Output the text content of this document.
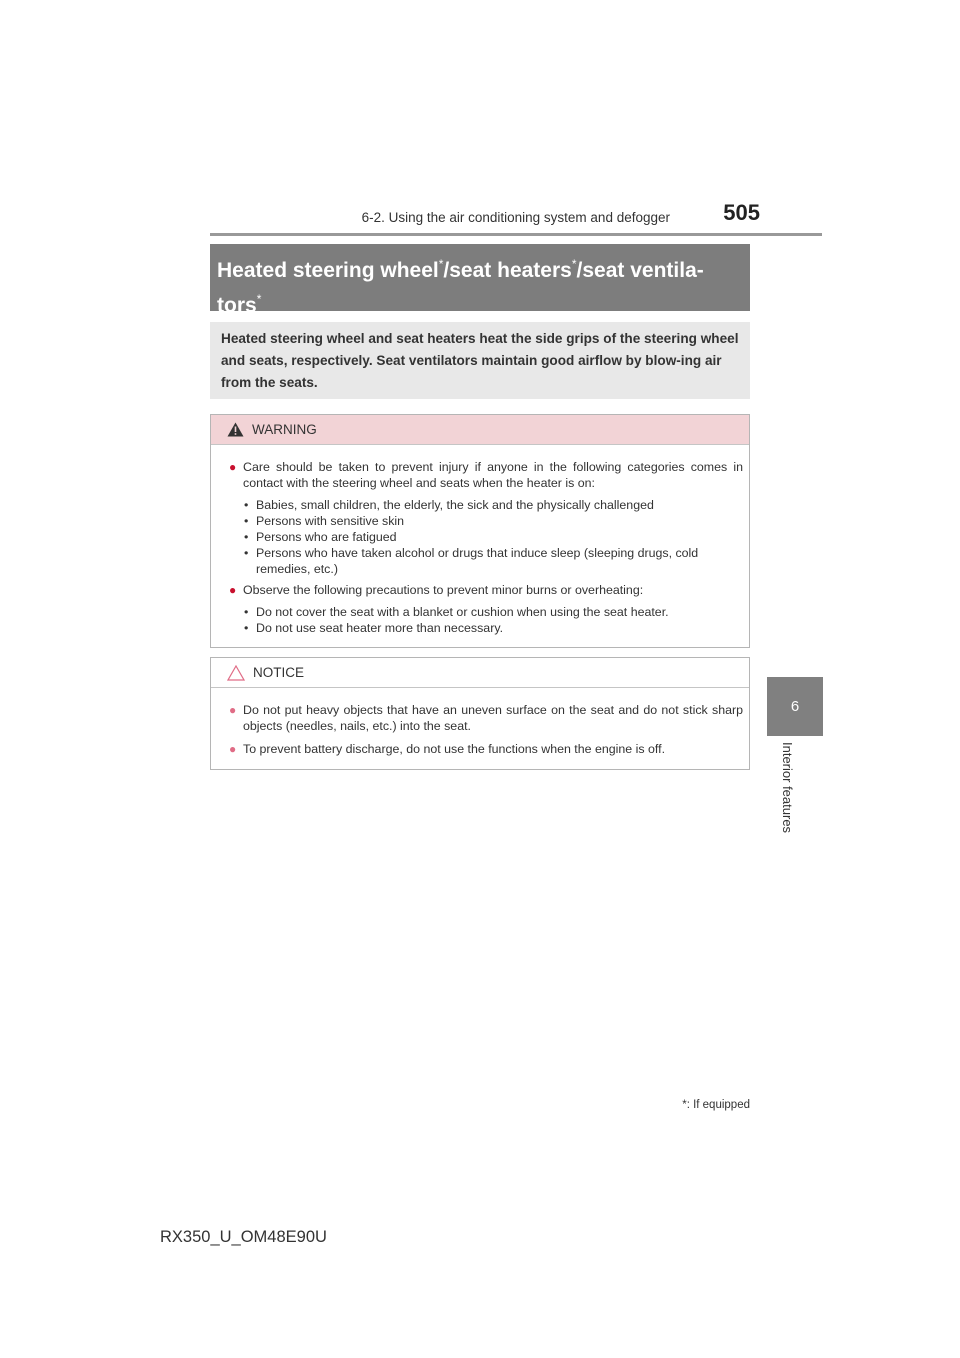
6-2. Using the air conditioning system and defogger	505
6
Interior features
Heated steering wheel*/seat heaters*/seat ventila-
tors*
Heated steering wheel and seat heaters heat the side grips of the steering wheel and seats, respectively. Seat ventilators maintain good airflow by blow-ing air from the seats.
WARNING
● Care should be taken to prevent injury if anyone in the following categories comes in contact with the steering wheel and seats when the heater is on:
• Babies, small children, the elderly, the sick and the physically challenged
• Persons with sensitive skin
• Persons who are fatigued
• Persons who have taken alcohol or drugs that induce sleep (sleeping drugs, cold remedies, etc.)
● Observe the following precautions to prevent minor burns or overheating:
• Do not cover the seat with a blanket or cushion when using the seat heater.
• Do not use seat heater more than necessary.
NOTICE
● Do not put heavy objects that have an uneven surface on the seat and do not stick sharp objects (needles, nails, etc.) into the seat.
● To prevent battery discharge, do not use the functions when the engine is off.
*: If equipped
RX350_U_OM48E90U
